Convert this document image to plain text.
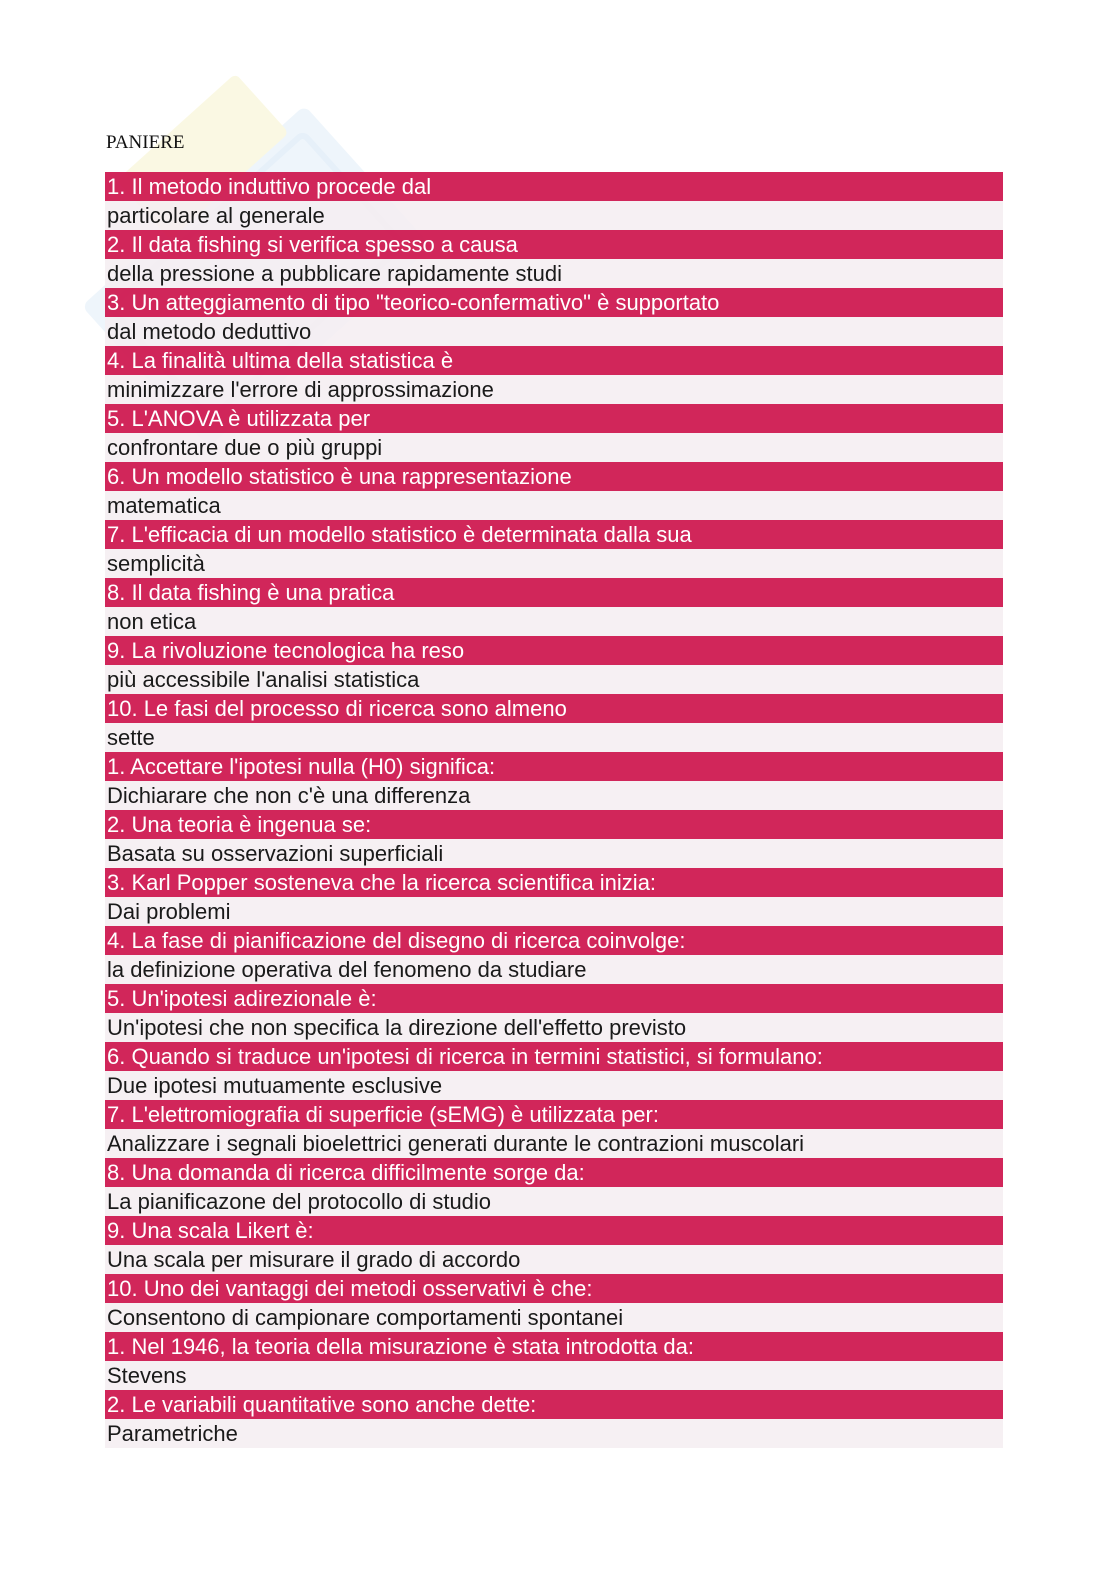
PANIERE
1. Il metodo induttivo procede dal
particolare al generale
2. Il data fishing si verifica spesso a causa
della pressione a pubblicare rapidamente studi
3. Un atteggiamento di tipo "teorico-confermativo" è supportato
dal metodo deduttivo
4. La finalità ultima della statistica è
minimizzare l'errore di approssimazione
5. L'ANOVA è utilizzata per
confrontare due o più gruppi
6. Un modello statistico è una rappresentazione
matematica
7. L'efficacia di un modello statistico è determinata dalla sua
semplicità
8. Il data fishing è una pratica
non etica
9. La rivoluzione tecnologica ha reso
più accessibile l'analisi statistica
10. Le fasi del processo di ricerca sono almeno
sette
1. Accettare l'ipotesi nulla (H0) significa:
Dichiarare che non c'è una differenza
2. Una teoria è ingenua se:
Basata su osservazioni superficiali
3. Karl Popper sosteneva che la ricerca scientifica inizia:
Dai problemi
4. La fase di pianificazione del disegno di ricerca coinvolge:
la definizione operativa del fenomeno da studiare
5. Un'ipotesi adirezionale è:
Un'ipotesi che non specifica la direzione dell'effetto previsto
6. Quando si traduce un'ipotesi di ricerca in termini statistici, si formulano:
Due ipotesi mutuamente esclusive
7. L'elettromiografia di superficie (sEMG) è utilizzata per:
Analizzare i segnali bioelettrici generati durante le contrazioni muscolari
8. Una domanda di ricerca difficilmente sorge da:
La pianificazone del protocollo di studio
9. Una scala Likert è:
Una scala per misurare il grado di accordo
10. Uno dei vantaggi dei metodi osservativi è che:
Consentono di campionare comportamenti spontanei
1. Nel 1946, la teoria della misurazione è stata introdotta da:
Stevens
2. Le variabili quantitative sono anche dette:
Parametriche
